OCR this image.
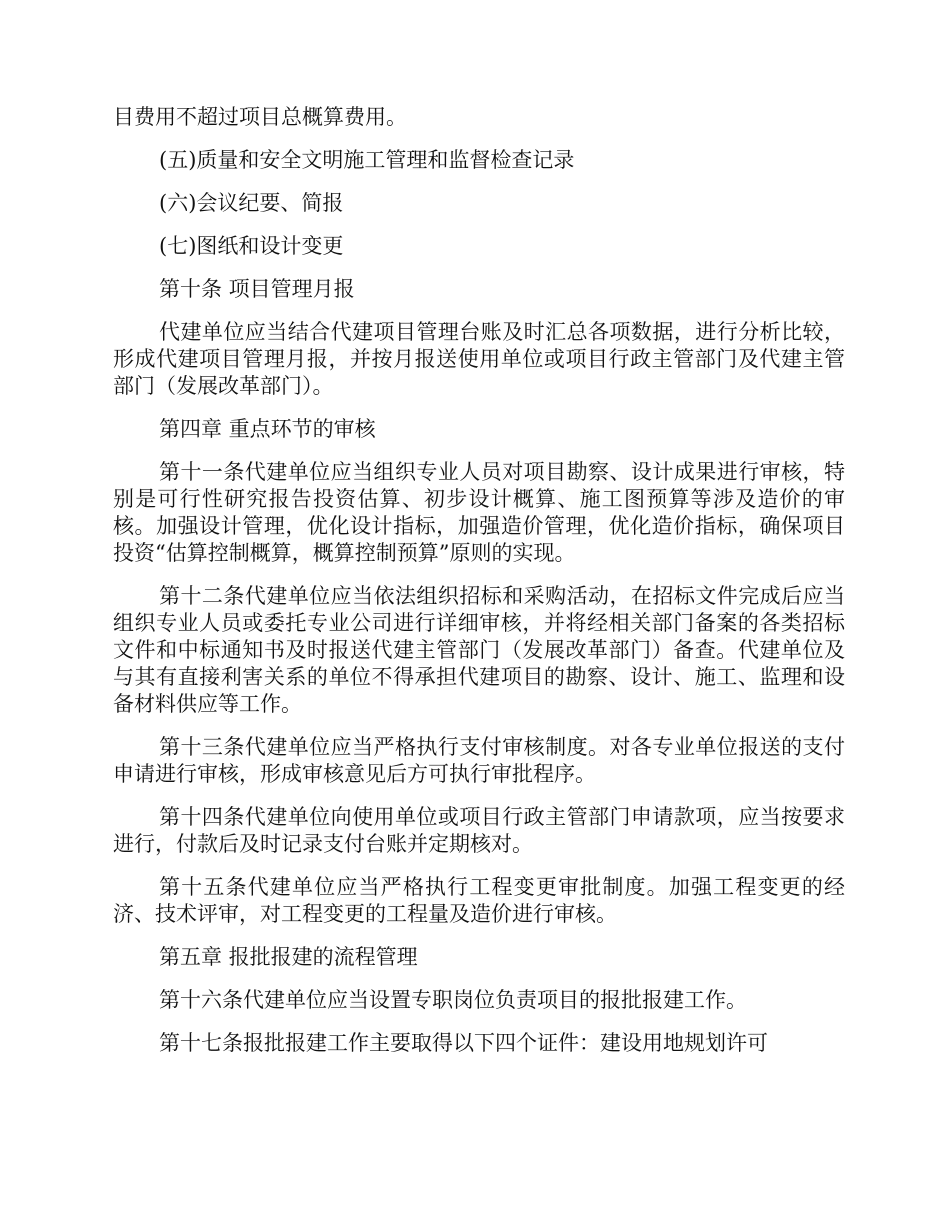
目费用不超过项目总概算费用。

(五)质量和安全文明施工管理和监督检查记录

(六)会议纪要、简报

(七)图纸和设计变更

第十条 项目管理月报

代建单位应当结合代建项目管理台账及时汇总各项数据，进行分析比较，形成代建项目管理月报，并按月报送使用单位或项目行政主管部门及代建主管部门（发展改革部门）。

第四章 重点环节的审核

第十一条代建单位应当组织专业人员对项目勘察、设计成果进行审核，特别是可行性研究报告投资估算、初步设计概算、施工图预算等涉及造价的审核。加强设计管理，优化设计指标，加强造价管理，优化造价指标，确保项目投资“估算控制概算，概算控制预算”原则的实现。

第十二条代建单位应当依法组织招标和采购活动，在招标文件完成后应当组织专业人员或委托专业公司进行详细审核，并将经相关部门备案的各类招标文件和中标通知书及时报送代建主管部门（发展改革部门）备查。代建单位及与其有直接利害关系的单位不得承担代建项目的勘察、设计、施工、监理和设备材料供应等工作。

第十三条代建单位应当严格执行支付审核制度。对各专业单位报送的支付申请进行审核，形成审核意见后方可执行审批程序。

第十四条代建单位向使用单位或项目行政主管部门申请款项，应当按要求进行，付款后及时记录支付台账并定期核对。

第十五条代建单位应当严格执行工程变更审批制度。加强工程变更的经济、技术评审，对工程变更的工程量及造价进行审核。

第五章 报批报建的流程管理

第十六条代建单位应当设置专职岗位负责项目的报批报建工作。

第十七条报批报建工作主要取得以下四个证件：建设用地规划许可
